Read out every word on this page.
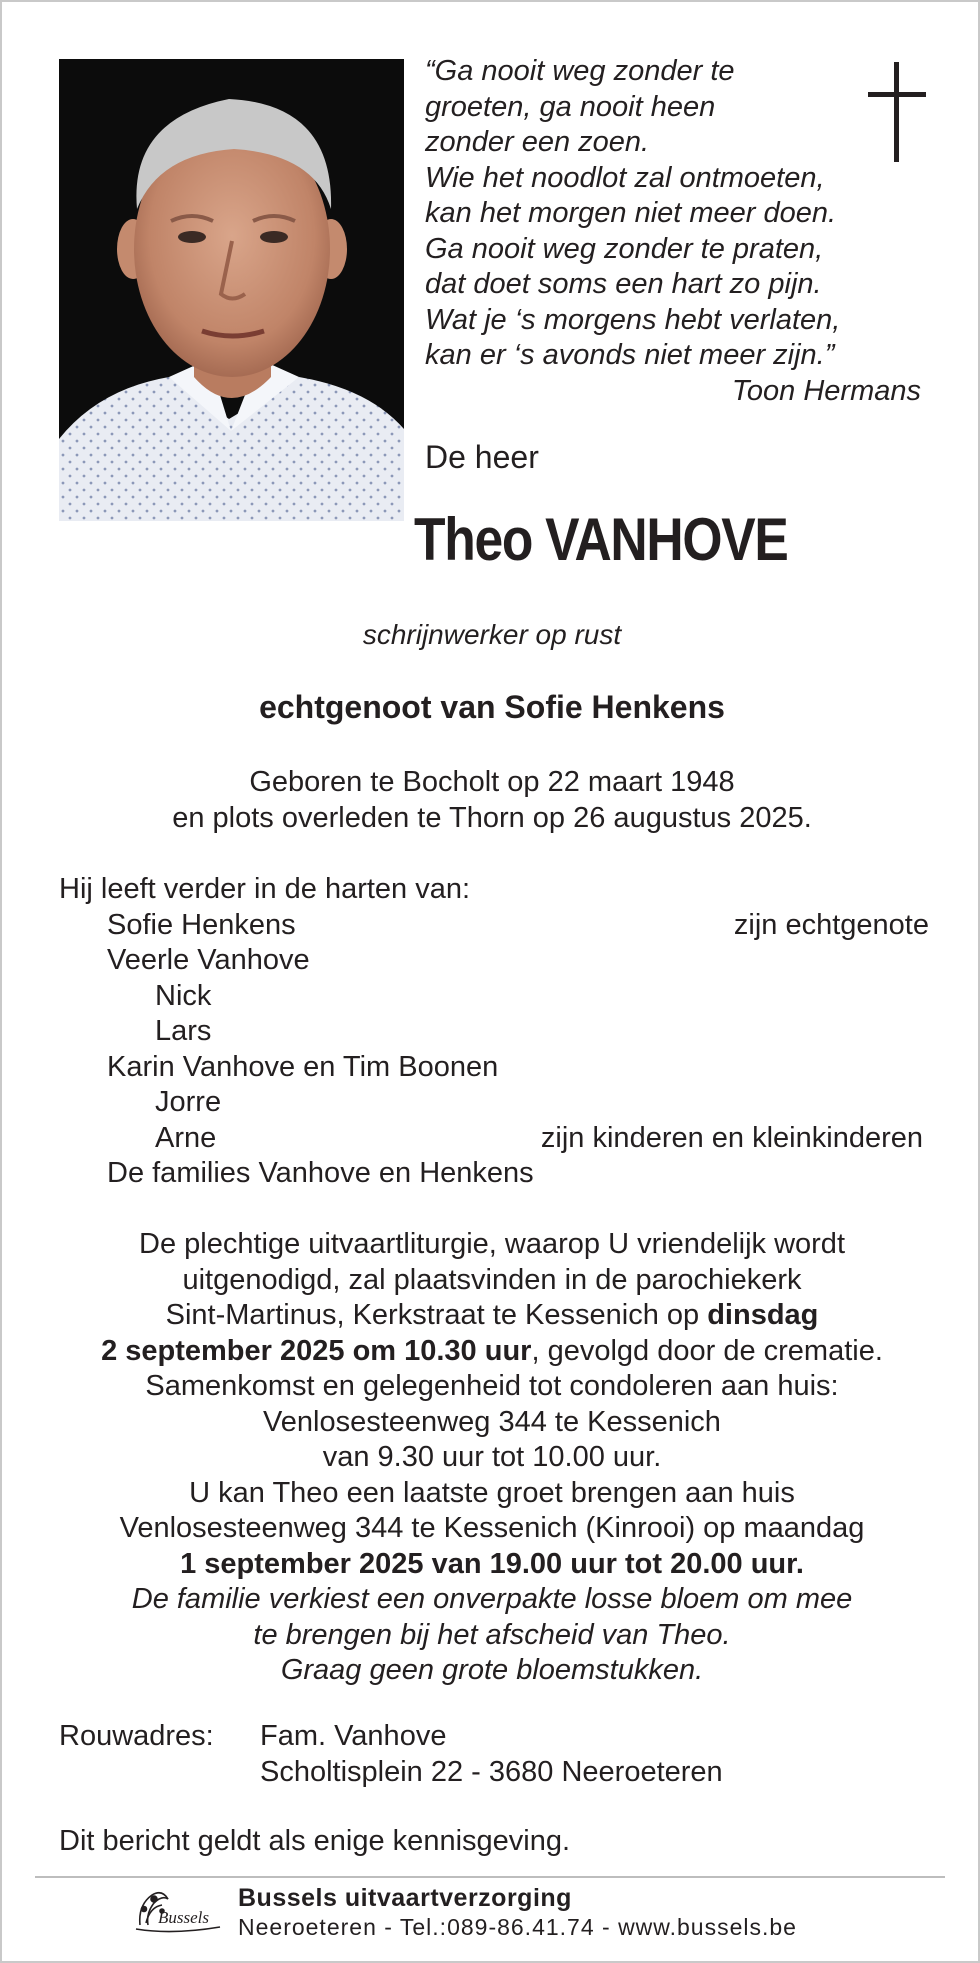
“Ga nooit weg zonder te
groeten, ga nooit heen
zonder een zoen.
Wie het noodlot zal ontmoeten,
kan het morgen niet meer doen.
Ga nooit weg zonder te praten,
dat doet soms een hart zo pijn.
Wat je ‘s morgens hebt verlaten,
kan er ‘s avonds niet meer zijn.”
Toon Hermans
De heer
Theo VANHOVE
schrijnwerker op rust
echtgenoot van Sofie Henkens
Geboren te Bocholt op 22 maart 1948
en plots overleden te Thorn op 26 augustus 2025.
Hij leeft verder in de harten van:
Sofie Henkens	zijn echtgenote
Veerle Vanhove
Nick
Lars
Karin Vanhove en Tim Boonen
Jorre
Arne	zijn kinderen en kleinkinderen
De families Vanhove en Henkens
De plechtige uitvaartliturgie, waarop U vriendelijk wordt
uitgenodigd, zal plaatsvinden in de parochiekerk
Sint-Martinus, Kerkstraat te Kessenich op dinsdag
2 september 2025 om 10.30 uur, gevolgd door de crematie.
Samenkomst en gelegenheid tot condoleren aan huis:
Venlosesteenweg 344 te Kessenich
van 9.30 uur tot 10.00 uur.
U kan Theo een laatste groet brengen aan huis
Venlosesteenweg 344 te Kessenich (Kinrooi) op maandag
1 september 2025 van 19.00 uur tot 20.00 uur.
De familie verkiest een onverpakte losse bloem om mee
te brengen bij het afscheid van Theo.
Graag geen grote bloemstukken.
Rouwadres: Fam. Vanhove
Scholtisplein 22 - 3680 Neeroeteren
Dit bericht geldt als enige kennisgeving.
Bussels
Bussels uitvaartverzorging
Neeroeteren - Tel.:089-86.41.74 - www.bussels.be
